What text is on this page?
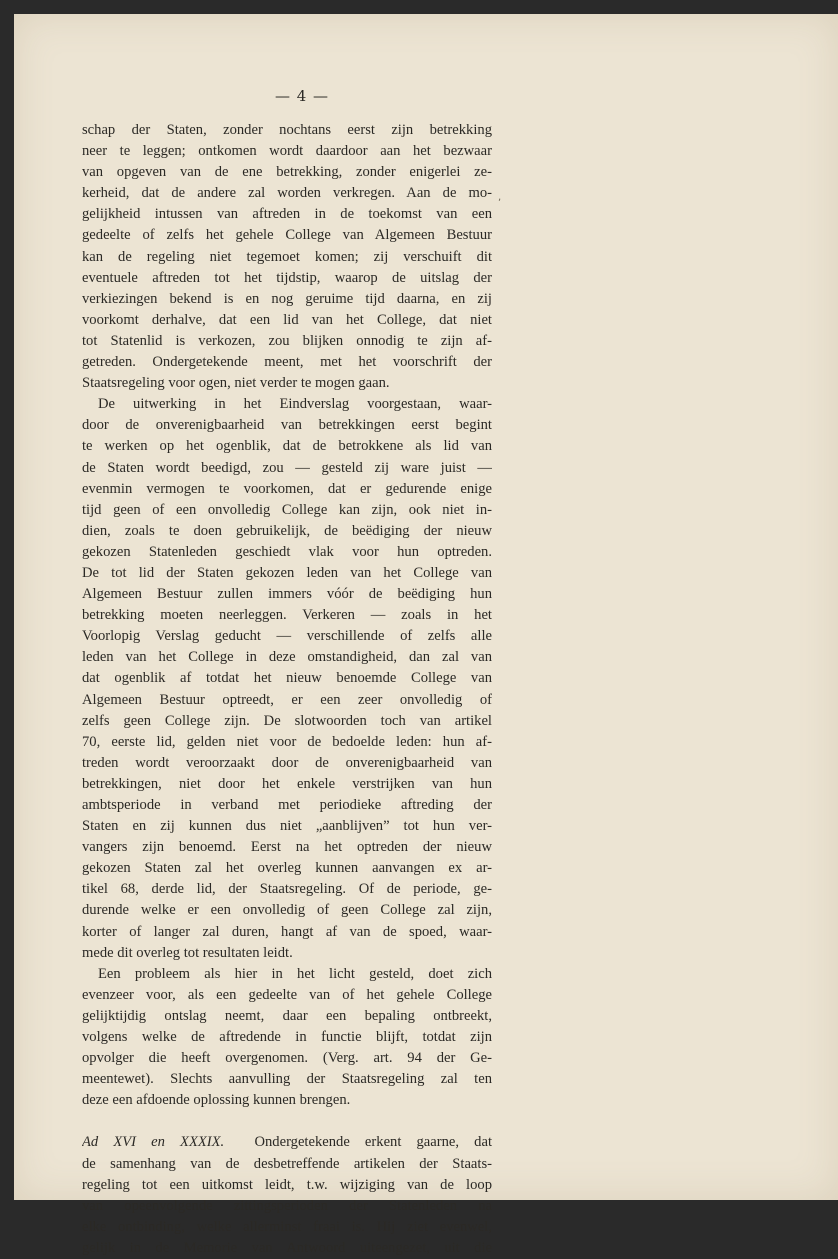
— 4 —
schap der Staten, zonder nochtans eerst zijn betrekking
neer te leggen; ontkomen wordt daardoor aan het bezwaar
van opgeven van de ene betrekking, zonder enigerlei ze-
kerheid, dat de andere zal worden verkregen. Aan de mo-
gelijkheid intussen van aftreden in de toekomst van een
gedeelte of zelfs het gehele College van Algemeen Bestuur
kan de regeling niet tegemoet komen; zij verschuift dit
eventuele aftreden tot het tijdstip, waarop de uitslag der
verkiezingen bekend is en nog geruime tijd daarna, en zij
voorkomt derhalve, dat een lid van het College, dat niet
tot Statenlid is verkozen, zou blijken onnodig te zijn af-
getreden. Ondergetekende meent, met het voorschrift der
Staatsregeling voor ogen, niet verder te mogen gaan.
De uitwerking in het Eindverslag voorgestaan, waar-
door de onverenigbaarheid van betrekkingen eerst begint
te werken op het ogenblik, dat de betrokkene als lid van
de Staten wordt beedigd, zou — gesteld zij ware juist —
evenmin vermogen te voorkomen, dat er gedurende enige
tijd geen of een onvolledig College kan zijn, ook niet in-
dien, zoals te doen gebruikelijk, de beëdiging der nieuw
gekozen Statenleden geschiedt vlak voor hun optreden.
De tot lid der Staten gekozen leden van het College van
Algemeen Bestuur zullen immers vóór de beëdiging hun
betrekking moeten neerleggen. Verkeren — zoals in het
Voorlopig Verslag geducht — verschillende of zelfs alle
leden van het College in deze omstandigheid, dan zal van
dat ogenblik af totdat het nieuw benoemde College van
Algemeen Bestuur optreedt, er een zeer onvolledig of
zelfs geen College zijn. De slotwoorden toch van artikel
70, eerste lid, gelden niet voor de bedoelde leden: hun af-
treden wordt veroorzaakt door de onverenigbaarheid van
betrekkingen, niet door het enkele verstrijken van hun
ambtsperiode in verband met periodieke aftreding der
Staten en zij kunnen dus niet „aanblijven” tot hun ver-
vangers zijn benoemd. Eerst na het optreden der nieuw
gekozen Staten zal het overleg kunnen aanvangen ex ar-
tikel 68, derde lid, der Staatsregeling. Of de periode, ge-
durende welke er een onvolledig of geen College zal zijn,
korter of langer zal duren, hangt af van de spoed, waar-
mede dit overleg tot resultaten leidt.
Een probleem als hier in het licht gesteld, doet zich
evenzeer voor, als een gedeelte van of het gehele College
gelijktijdig ontslag neemt, daar een bepaling ontbreekt,
volgens welke de aftredende in functie blijft, totdat zijn
opvolger die heeft overgenomen. (Verg. art. 94 der Ge-
meentewet). Slechts aanvulling der Staatsregeling zal ten
deze een afdoende oplossing kunnen brengen.
Ad XVI en XXXIX. Ondergetekende erkent gaarne, dat
de samenhang van de desbetreffende artikelen der Staats-
regeling tot een uitkomst leidt, t.w. wijziging van de loop
van opeenvolgende zittingsperioden der Statenleden na
elke ontbinding, welke allerminst fraai is. Hij ziet evenwel,
gelijk in de Memorie van Antwoord uiteengezet, uit die
,
